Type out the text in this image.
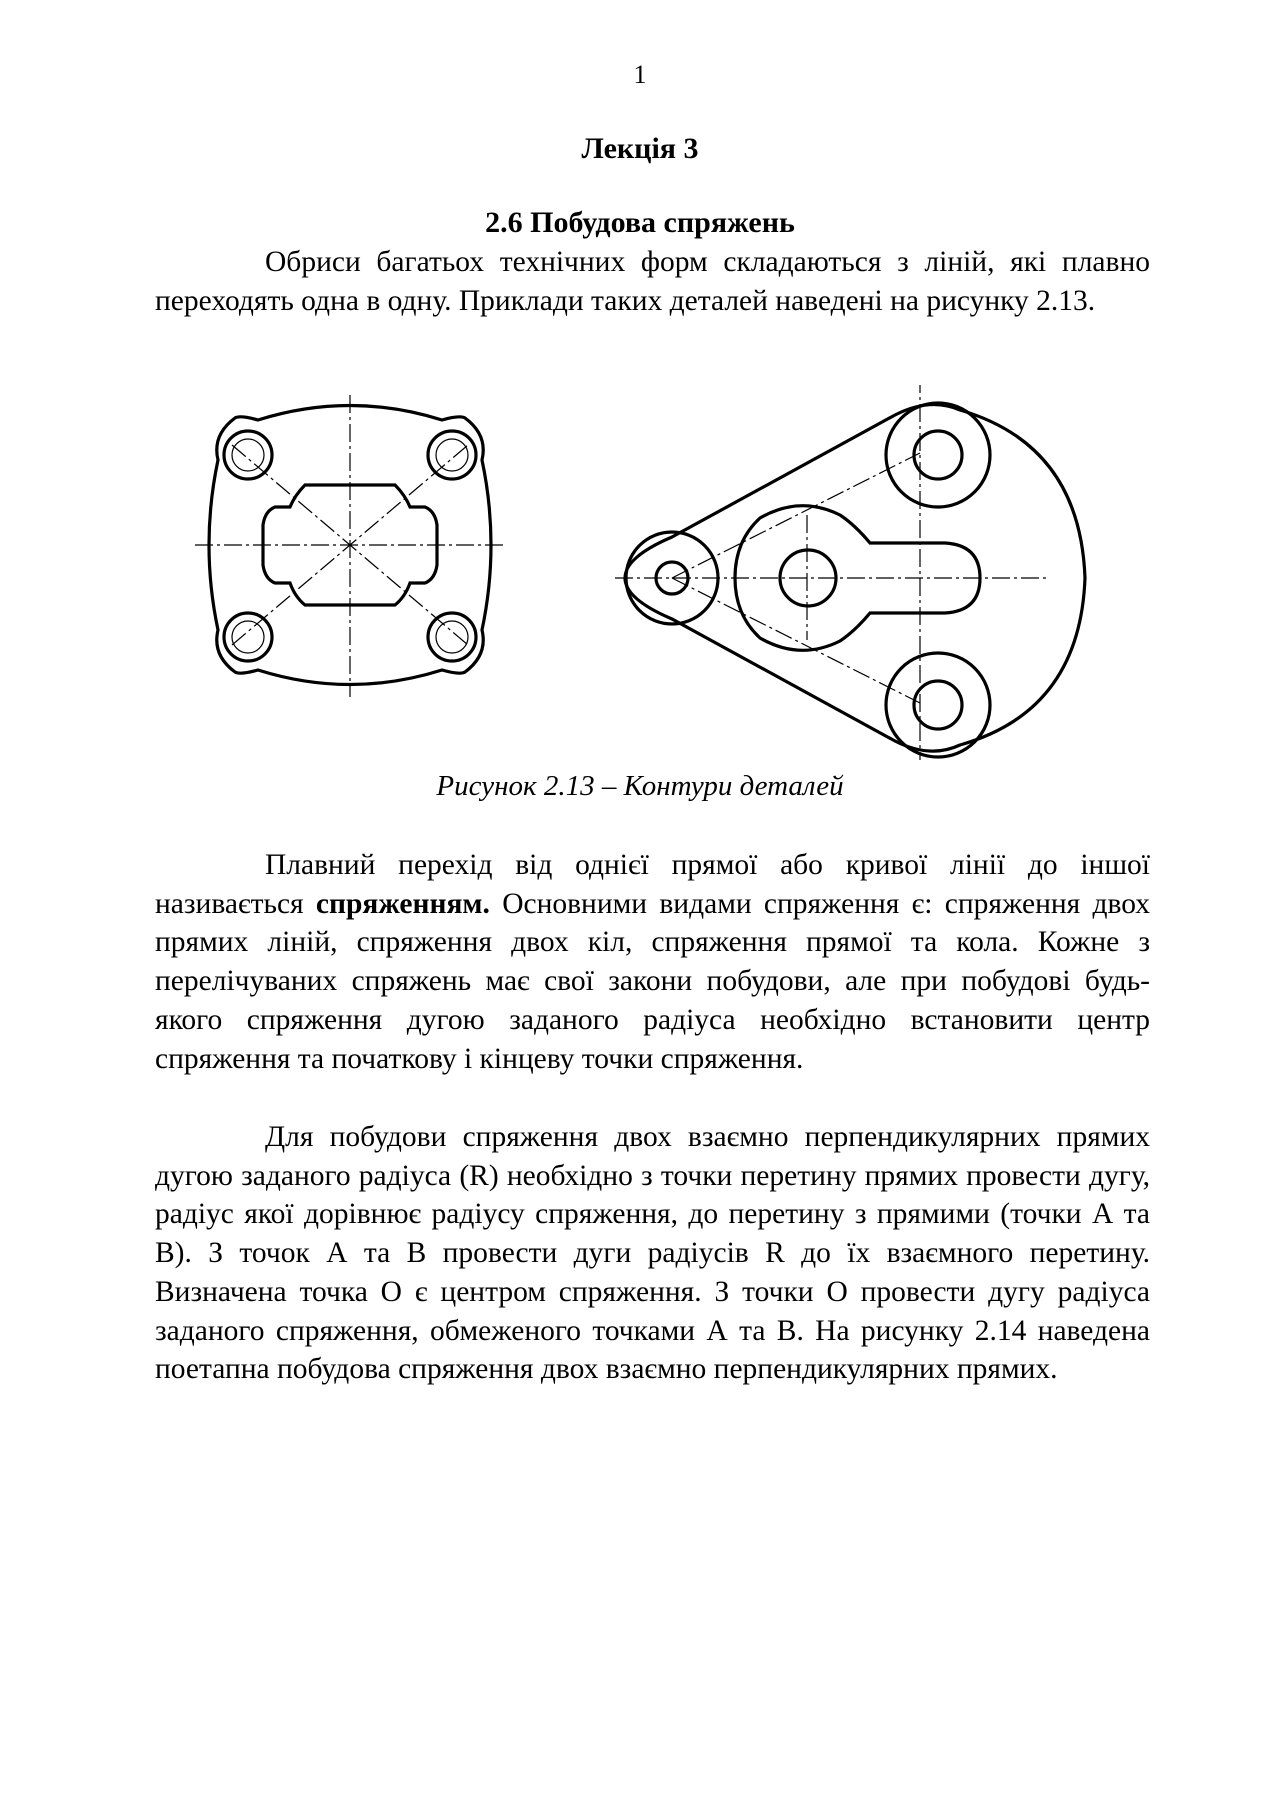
1
Лекція 3
2.6 Побудова спряжень

Обриси багатьох технічних форм складаються з ліній, які плавно переходять одна в одну. Приклади таких деталей наведені на рисунку 2.13.

Рисунок 2.13 – Контури деталей

Плавний перехід від однієї прямої або кривої лінії до іншої називається спряженням. Основними видами спряження є: спряження двох прямих ліній, спряження двох кіл, спряження прямої та кола. Кожне з перелічуваних спряжень має свої закони побудови, але при побудові будь-якого спряження дугою заданого радіуса необхідно встановити центр спряження та початкову і кінцеву точки спряження.

Для побудови спряження двох взаємно перпендикулярних прямих дугою заданого радіуса (R) необхідно з точки перетину прямих провести дугу, радіус якої дорівнює радіусу спряження, до перетину з прямими (точки А та В). З точок А та В провести дуги радіусів R до їх взаємного перетину. Визначена точка О є центром спряження. З точки О провести дугу радіуса заданого спряження, обмеженого точками А та В. На рисунку 2.14 наведена поетапна побудова спряження двох взаємно перпендикулярних прямих.
